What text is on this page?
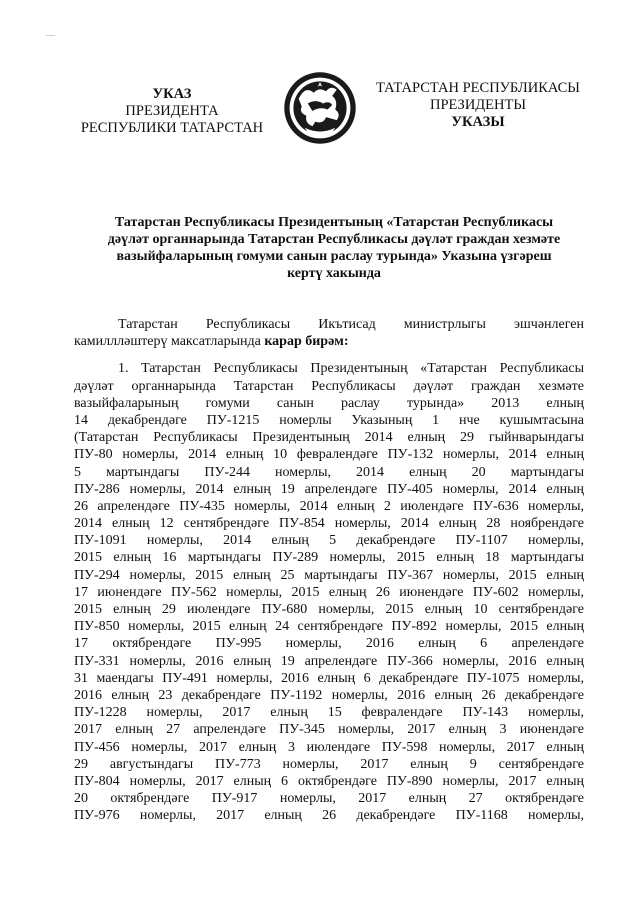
—
УКАЗ
ПРЕЗИДЕНТА
РЕСПУБЛИКИ ТАТАРСТАН
ТАТАРСТАН РЕСПУБЛИКАСЫ
ПРЕЗИДЕНТЫ
УКАЗЫ
Татарстан Республикасы Президентының «Татарстан Республикасы
дәүләт органнарында Татарстан Республикасы дәүләт граждан хезмәте
вазыйфаларының гомуми санын раслау турында» Указына үзгәреш
кертү хакында
Татарстан Республикасы Икътисад министрлыгы эшчәнлеген
камиллләштерү максатларында карар бирәм:
1. Татарстан Республикасы Президентының «Татарстан Республикасы
дәүләт органнарында Татарстан Республикасы дәүләт граждан хезмәте
вазыйфаларының гомуми санын раслау турында» 2013 елның
14 декабрендәге ПУ-1215 номерлы Указының 1 нче кушымтасына
(Татарстан Республикасы Президентының 2014 елның 29 гыйнварындагы
ПУ-80 номерлы, 2014 елның 10 февралендәге ПУ-132 номерлы, 2014 елның
5 мартындагы ПУ-244 номерлы, 2014 елның 20 мартындагы
ПУ-286 номерлы, 2014 елның 19 апрелендәге ПУ-405 номерлы, 2014 елның
26 апрелендәге ПУ-435 номерлы, 2014 елның 2 июлендәге ПУ-636 номерлы,
2014 елның 12 сентябрендәге ПУ-854 номерлы, 2014 елның 28 ноябрендәге
ПУ-1091 номерлы, 2014 елның 5 декабрендәге ПУ-1107 номерлы,
2015 елның 16 мартындагы ПУ-289 номерлы, 2015 елның 18 мартындагы
ПУ-294 номерлы, 2015 елның 25 мартындагы ПУ-367 номерлы, 2015 елның
17 июнендәге ПУ-562 номерлы, 2015 елның 26 июнендәге ПУ-602 номерлы,
2015 елның 29 июлендәге ПУ-680 номерлы, 2015 елның 10 сентябрендәге
ПУ-850 номерлы, 2015 елның 24 сентябрендәге ПУ-892 номерлы, 2015 елның
17 октябрендәге ПУ-995 номерлы, 2016 елның 6 апрелендәге
ПУ-331 номерлы, 2016 елның 19 апрелендәге ПУ-366 номерлы, 2016 елның
31 маендагы ПУ-491 номерлы, 2016 елның 6 декабрендәге ПУ-1075 номерлы,
2016 елның 23 декабрендәге ПУ-1192 номерлы, 2016 елның 26 декабрендәге
ПУ-1228 номерлы, 2017 елның 15 февралендәге ПУ-143 номерлы,
2017 елның 27 апрелендәге ПУ-345 номерлы, 2017 елның 3 июнендәге
ПУ-456 номерлы, 2017 елның 3 июлендәге ПУ-598 номерлы, 2017 елның
29 августындагы ПУ-773 номерлы, 2017 елның 9 сентябрендәге
ПУ-804 номерлы, 2017 елның 6 октябрендәге ПУ-890 номерлы, 2017 елның
20 октябрендәге ПУ-917 номерлы, 2017 елның 27 октябрендәге
ПУ-976 номерлы, 2017 елның 26 декабрендәге ПУ-1168 номерлы,
